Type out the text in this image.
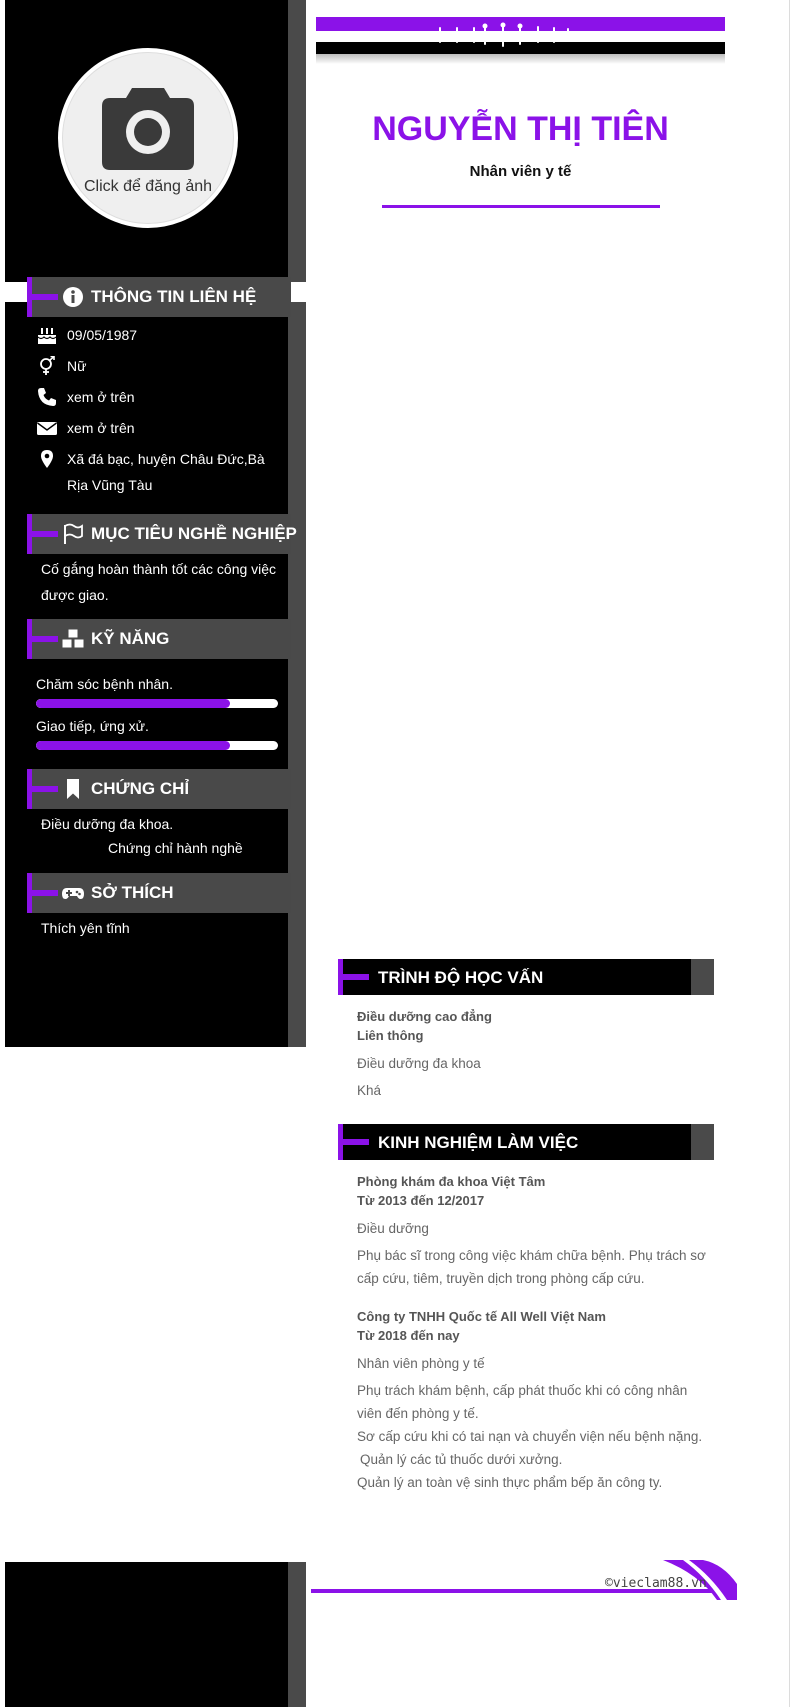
Click để đăng ảnh
THÔNG TIN LIÊN HỆ
09/05/1987
Nữ
xem ở trên
xem ở trên
Xã đá bạc, huyện Châu Đức,Bà Rịa Vũng Tàu
MỤC TIÊU NGHỀ NGHIỆP
Cố gắng hoàn thành tốt các công việc được giao.
KỸ NĂNG
Chăm sóc bệnh nhân.
Giao tiếp, ứng xử.
CHỨNG CHỈ
Điều dưỡng đa khoa.
Chứng chỉ hành nghề
SỞ THÍCH
Thích yên tĩnh
NGUYỄN THỊ TIÊN
Nhân viên y tế
TRÌNH ĐỘ HỌC VẤN
Điều dưỡng cao đẳng
Liên thông
Điều dưỡng đa khoa
Khá
KINH NGHIỆM LÀM VIỆC
Phòng khám đa khoa Việt Tâm
Từ 2013 đến 12/2017
Điều dưỡng
Phụ bác sĩ trong công việc khám chữa bệnh. Phụ trách sơ cấp cứu, tiêm, truyền dịch trong phòng cấp cứu.
Công ty TNHH Quốc tế All Well Việt Nam
Từ 2018 đến nay
Nhân viên phòng y tế
Phụ trách khám bệnh, cấp phát thuốc khi có công nhân viên đến phòng y tế.
Sơ cấp cứu khi có tai nạn và chuyển viện nếu bệnh nặng.
Quản lý các tủ thuốc dưới xưởng.
Quản lý an toàn vệ sinh thực phẩm bếp ăn công ty.
©vieclam88.vn
